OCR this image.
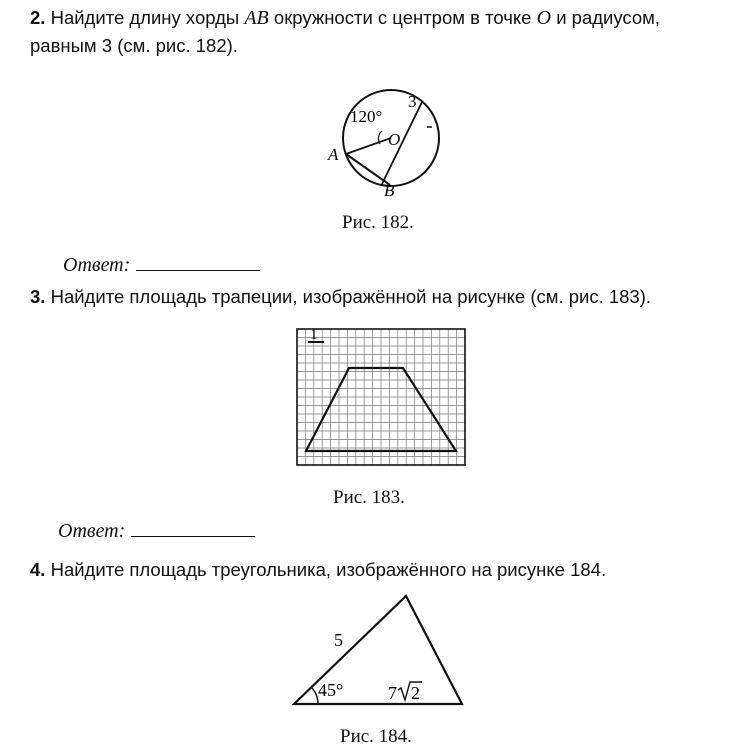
2. Найдите длину хорды AB окружности с центром в точке O и радиусом,
равным 3 (см. рис. 182).
120°
3
O
A
B
Рис. 182.
Ответ:
3. Найдите площадь трапеции, изображённой на рисунке (см. рис. 183).
1
Рис. 183.
Ответ:
4. Найдите площадь треугольника, изображённого на рисунке 184.
5
45° 7 2
Рис. 184.
